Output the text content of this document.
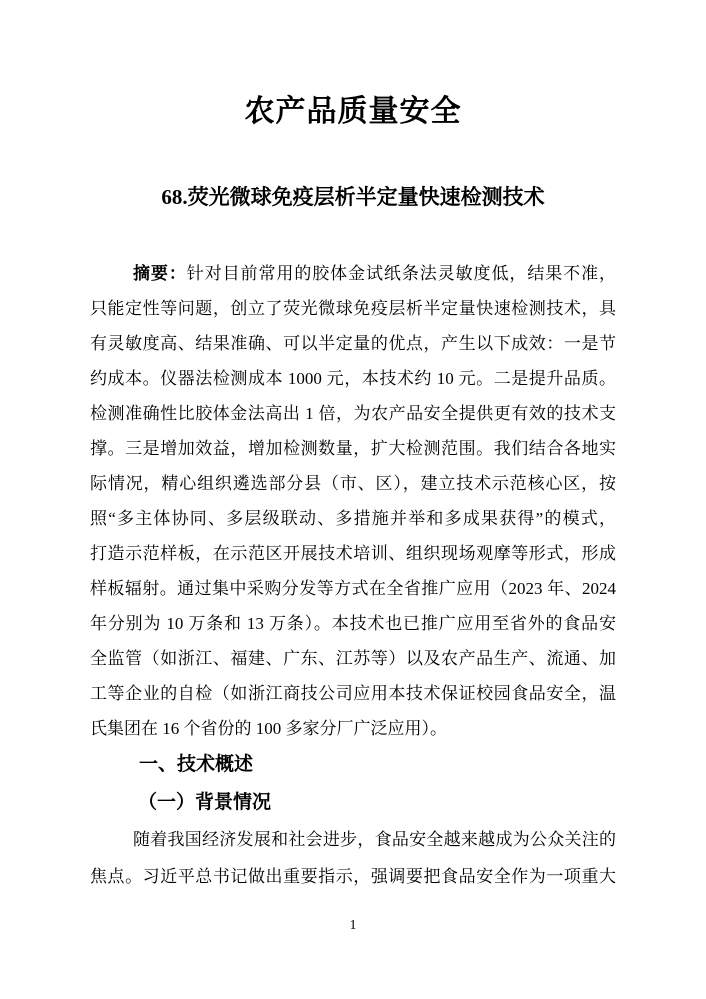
农产品质量安全
68.荧光微球免疫层析半定量快速检测技术
摘要：针对目前常用的胶体金试纸条法灵敏度低，结果不准，
只能定性等问题，创立了荧光微球免疫层析半定量快速检测技术，具
有灵敏度高、结果准确、可以半定量的优点，产生以下成效：一是节
约成本。仪器法检测成本 1000 元，本技术约 10 元。二是提升品质。
检测准确性比胶体金法高出 1 倍，为农产品安全提供更有效的技术支
撑。三是增加效益，增加检测数量，扩大检测范围。我们结合各地实
际情况，精心组织遴选部分县（市、区），建立技术示范核心区，按
照“多主体协同、多层级联动、多措施并举和多成果获得”的模式，
打造示范样板，在示范区开展技术培训、组织现场观摩等形式，形成
样板辐射。通过集中采购分发等方式在全省推广应用（2023 年、2024
年分别为 10 万条和 13 万条）。本技术也已推广应用至省外的食品安
全监管（如浙江、福建、广东、江苏等）以及农产品生产、流通、加
工等企业的自检（如浙江商技公司应用本技术保证校园食品安全，温
氏集团在 16 个省份的 100 多家分厂广泛应用）。
一、技术概述
（一）背景情况
随着我国经济发展和社会进步，食品安全越来越成为公众关注的
焦点。习近平总书记做出重要指示，强调要把食品安全作为一项重大
1
